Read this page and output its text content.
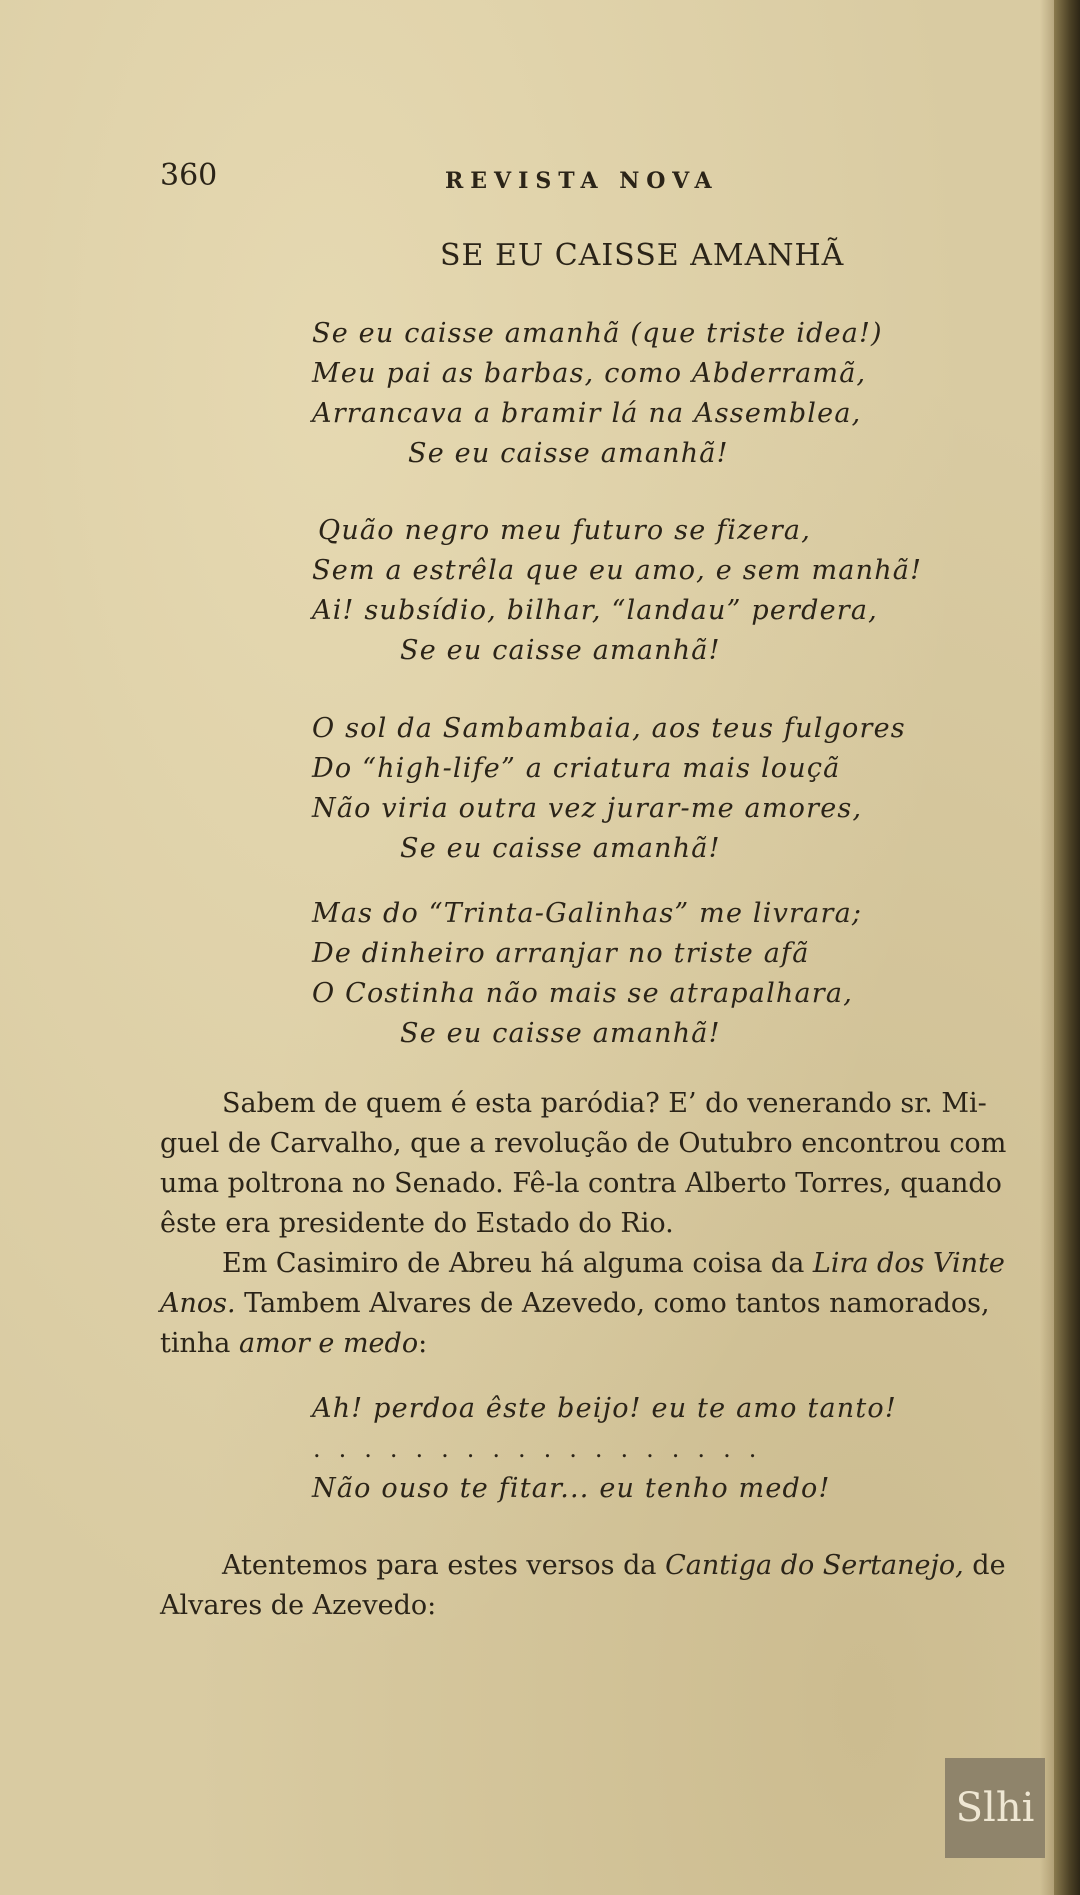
360	REVISTA NOVA

SE EU CAISSE AMANHÃ

Se eu caisse amanhã (que triste idea!)

Meu pai as barbas, como Abderramã,

Arrancava a bramir lá na Assemblea,

Se eu caisse amanhã!

Quão negro meu futuro se fizera,

Sem a estrêla que eu amo, e sem manhã!

Ai! subsídio, bilhar, “landau” perdera,

Se eu caisse amanhã!

O sol da Sambambaia, aos teus fulgores

Do “high-life” a criatura mais louçã

Não viria outra vez jurar-me amores,

Se eu caisse amanhã!

Mas do “Trinta-Galinhas” me livrara;

De dinheiro arranjar no triste afã

O Costinha não mais se atrapalhara,

Se eu caisse amanhã!

Sabem de quem é esta paródia? E’ do venerando sr. Mi-

guel de Carvalho, que a revolução de Outubro encontrou com

uma poltrona no Senado. Fê-la contra Alberto Torres, quando

êste era presidente do Estado do Rio.

Em Casimiro de Abreu há alguma coisa da Lira dos Vinte

Anos. Tambem Alvares de Azevedo, como tantos namorados,

tinha amor e medo:

Ah! perdoa êste beijo! eu te amo tanto!

..................

Não ouso te fitar... eu tenho medo!

Atentemos para estes versos da Cantiga do Sertanejo, de

Alvares de Azevedo:

Slhi
